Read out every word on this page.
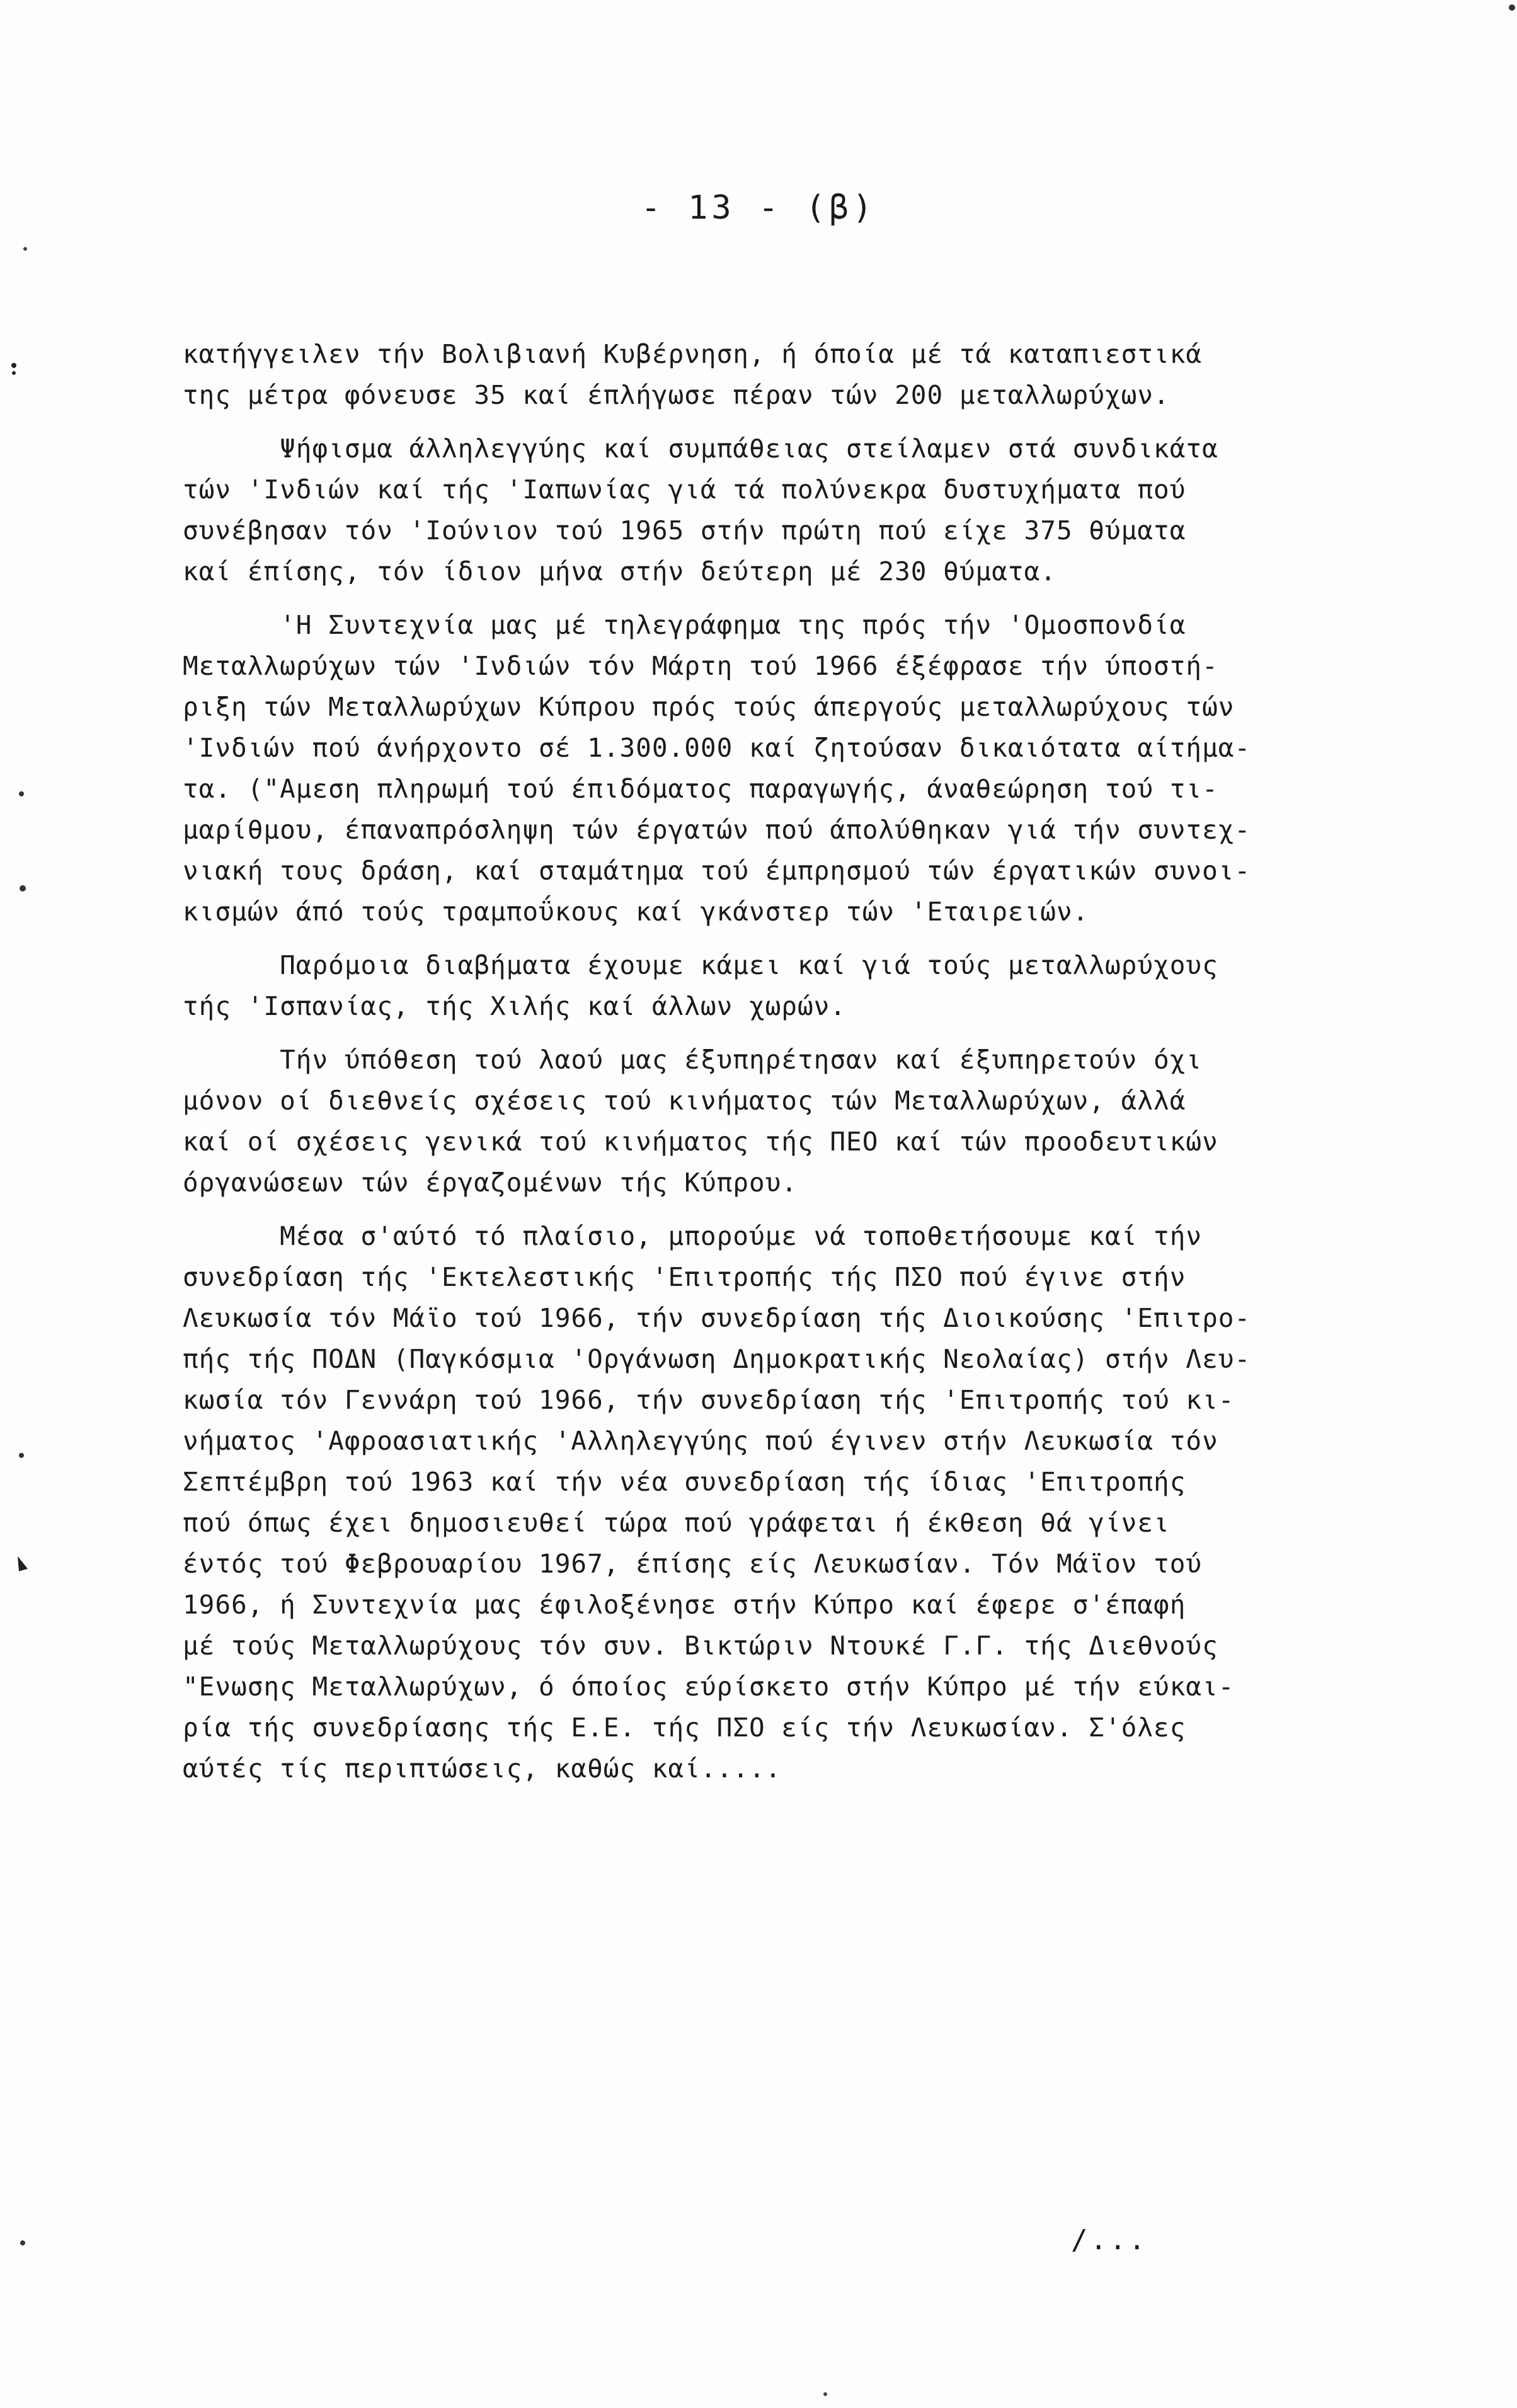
- 13 - (β)
κατήγγειλεν τήν Βολιβιανή Κυβέρνηση, ή όποία μέ τά καταπιεστικά
της μέτρα φόνευσε 35 καί έπλήγωσε πέραν τών 200 μεταλλωρύχων.
Ψήφισμα άλληλεγγύης καί συμπάθειας στείλαμεν στά συνδικάτα
τών 'Ινδιών καί τής 'Ιαπωνίας γιά τά πολύνεκρα δυστυχήματα πού
συνέβησαν τόν 'Ιούνιον τού 1965 στήν πρώτη πού είχε 375 θύματα
καί έπίσης, τόν ίδιον μήνα στήν δεύτερη μέ 230 θύματα.
'Η Συντεχνία μας μέ τηλεγράφημα της πρός τήν 'Ομοσπονδία
Μεταλλωρύχων τών 'Ινδιών τόν Μάρτη τού 1966 έξέφρασε τήν ύποστή-
ριξη τών Μεταλλωρύχων Κύπρου πρός τούς άπεργούς μεταλλωρύχους τών
'Ινδιών πού άνήρχοντο σέ 1.300.000 καί ζητούσαν δικαιότατα αίτήμα-
τα. ("Αμεση πληρωμή τού έπιδόματος παραγωγής, άναθεώρηση τού τι-
μαρίθμου, έπαναπρόσληψη τών έργατών πού άπολύθηκαν γιά τήν συντεχ-
νιακή τους δράση, καί σταμάτημα τού έμπρησμού τών έργατικών συνοι-
κισμών άπό τούς τραμποΰκους καί γκάνστερ τών 'Εταιρειών.
Παρόμοια διαβήματα έχουμε κάμει καί γιά τούς μεταλλωρύχους
τής 'Ισπανίας, τής Χιλής καί άλλων χωρών.
Τήν ύπόθεση τού λαού μας έξυπηρέτησαν καί έξυπηρετούν όχι
μόνον οί διεθνείς σχέσεις τού κινήματος τών Μεταλλωρύχων, άλλά
καί οί σχέσεις γενικά τού κινήματος τής ΠΕΟ καί τών προοδευτικών
όργανώσεων τών έργαζομένων τής Κύπρου.
Μέσα σ'αύτό τό πλαίσιο, μπορούμε νά τοποθετήσουμε καί τήν
συνεδρίαση τής 'Εκτελεστικής 'Επιτροπής τής ΠΣΟ πού έγινε στήν
Λευκωσία τόν Μάϊο τού 1966, τήν συνεδρίαση τής Διοικούσης 'Επιτρο-
πής τής ΠΟΔΝ (Παγκόσμια 'Οργάνωση Δημοκρατικής Νεολαίας) στήν Λευ-
κωσία τόν Γεννάρη τού 1966, τήν συνεδρίαση τής 'Επιτροπής τού κι-
νήματος 'Αφροασιατικής 'Αλληλεγγύης πού έγινεν στήν Λευκωσία τόν
Σεπτέμβρη τού 1963 καί τήν νέα συνεδρίαση τής ίδιας 'Επιτροπής
πού όπως έχει δημοσιευθεί τώρα πού γράφεται ή έκθεση θά γίνει
έντός τού Φεβρουαρίου 1967, έπίσης είς Λευκωσίαν. Τόν Μάϊον τού
1966, ή Συντεχνία μας έφιλοξένησε στήν Κύπρο καί έφερε σ'έπαφή
μέ τούς Μεταλλωρύχους τόν συν. Βικτώριν Ντουκέ Γ.Γ. τής Διεθνούς
"Ενωσης Μεταλλωρύχων, ό όποίος εύρίσκετο στήν Κύπρο μέ τήν εύκαι-
ρία τής συνεδρίασης τής Ε.Ε. τής ΠΣΟ είς τήν Λευκωσίαν. Σ'όλες
αύτές τίς περιπτώσεις, καθώς καί.....
/...
